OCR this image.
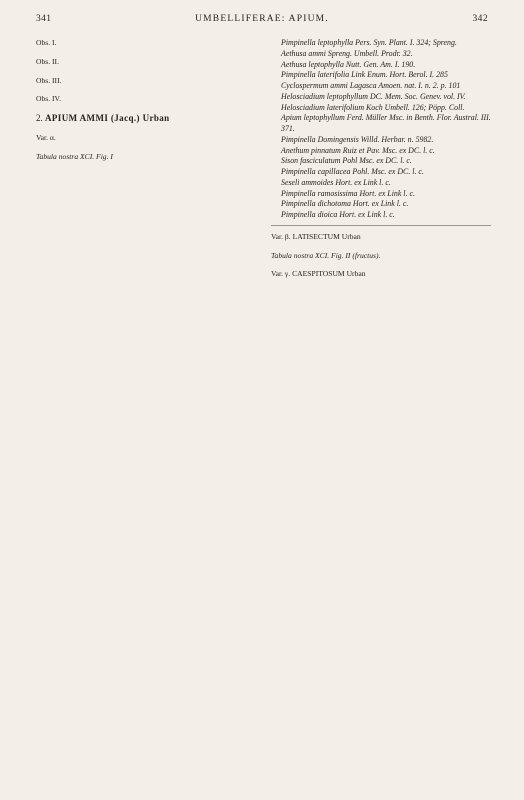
341	UMBELLIFERAE: APIUM.	342

Obs. I.

Obs. II.

Obs. III.

Obs. IV.

2. APIUM AMMI (Jacq.) Urban

Var. α.

Tabula nostra XCI. Fig. I

Pimpinella leptophylla Pers. Syn. Plant. I. 324; Spreng.

Aethusa ammi Spreng. Umbell. Prodr. 32.

Aethusa leptophylla Nutt. Gen. Am. I. 190.

Pimpinella laterifolia Link Enum. Hort. Berol. I. 285

Cyclospermum ammi Lagasca Amoen. nat. I. n. 2. p. 101

Helosciadium leptophyllum DC. Mem. Soc. Genev. vol. IV.

Helosciadium laterifolium Koch Umbell. 126; Pöpp. Coll.

Apium leptophyllum Ferd. Müller Msc. in Benth. Flor. Austral. III. 371.

Pimpinella Domingensis Willd. Herbar. n. 5982.

Anethum pinnatum Ruiz et Pav. Msc. ex DC. l. c.

Sison fasciculatum Pohl Msc. ex DC. l. c.

Pimpinella capillacea Pohl. Msc. ex DC. l. c.

Seseli ammoides Hort. ex Link l. c.

Pimpinella ramosissima Hort. ex Link l. c.

Pimpinella dichotoma Hort. ex Link l. c.

Pimpinella dioica Hort. ex Link l. c.

Var. β. LATISECTUM Urban

Tabula nostra XCI. Fig. II (fructus).

Var. γ. CAESPITOSUM Urban
